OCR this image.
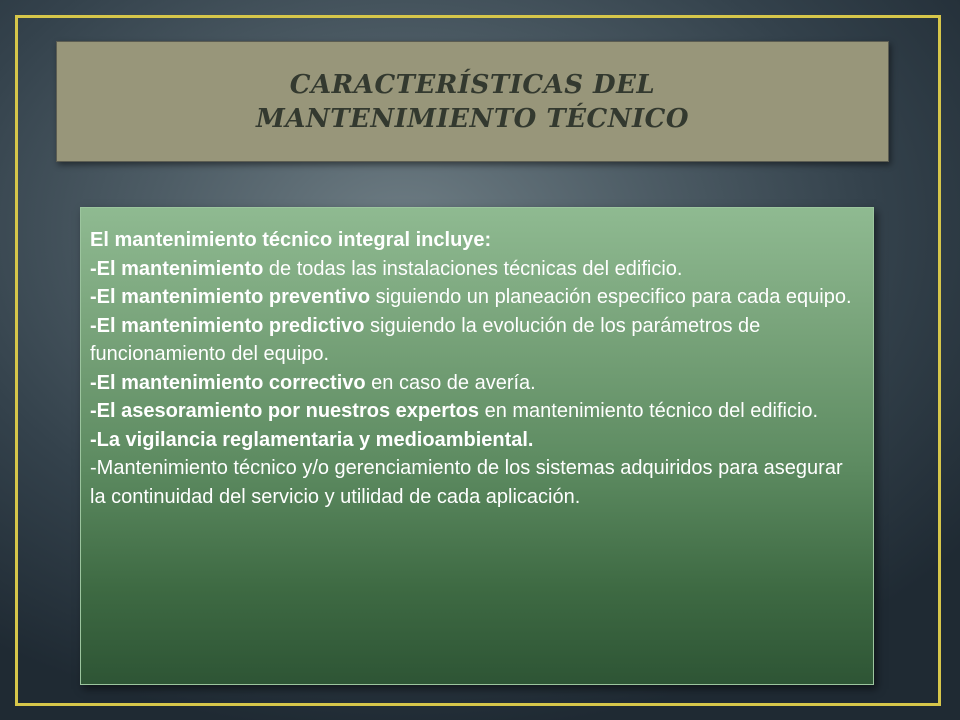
CARACTERÍSTICAS DEL MANTENIMIENTO TÉCNICO

El mantenimiento técnico integral incluye:

-El mantenimiento de todas las instalaciones técnicas del edificio.

-El mantenimiento preventivo siguiendo un planeación especifico para cada equipo.

-El mantenimiento predictivo siguiendo la evolución de los parámetros de funcionamiento del equipo.

-El mantenimiento correctivo en caso de avería.

-El asesoramiento por nuestros expertos en mantenimiento técnico del edificio.

-La vigilancia reglamentaria y medioambiental.

-Mantenimiento técnico y/o gerenciamiento de los sistemas adquiridos para asegurar la continuidad del servicio y utilidad de cada aplicación.
